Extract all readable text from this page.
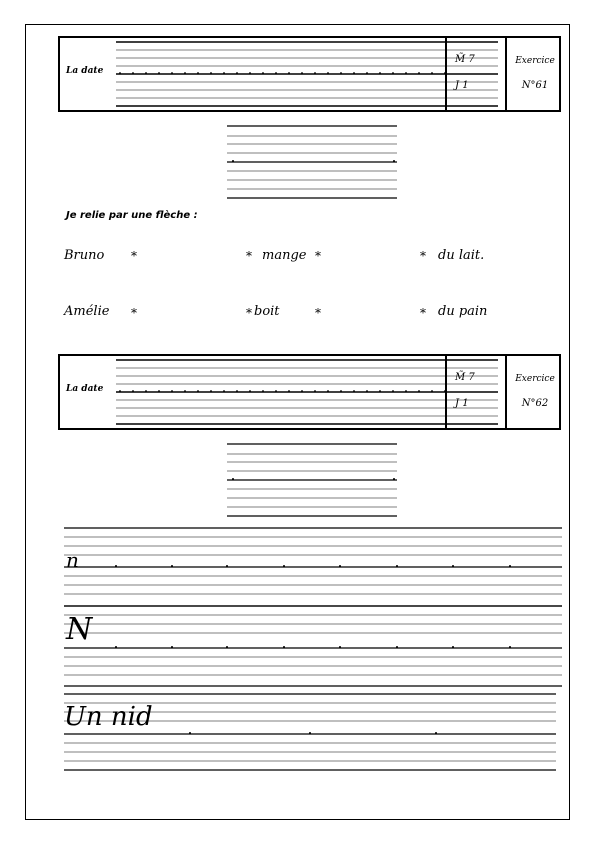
La date
M̃ 7
J 1
Exercice
N°61
Je relie par une flèche :
Bruno *	* mange *	* du lait.
Amélie *	* boit	*	* du pain
La date
M̃ 7
J 1
Exercice
N°62
n
N
Un nid
